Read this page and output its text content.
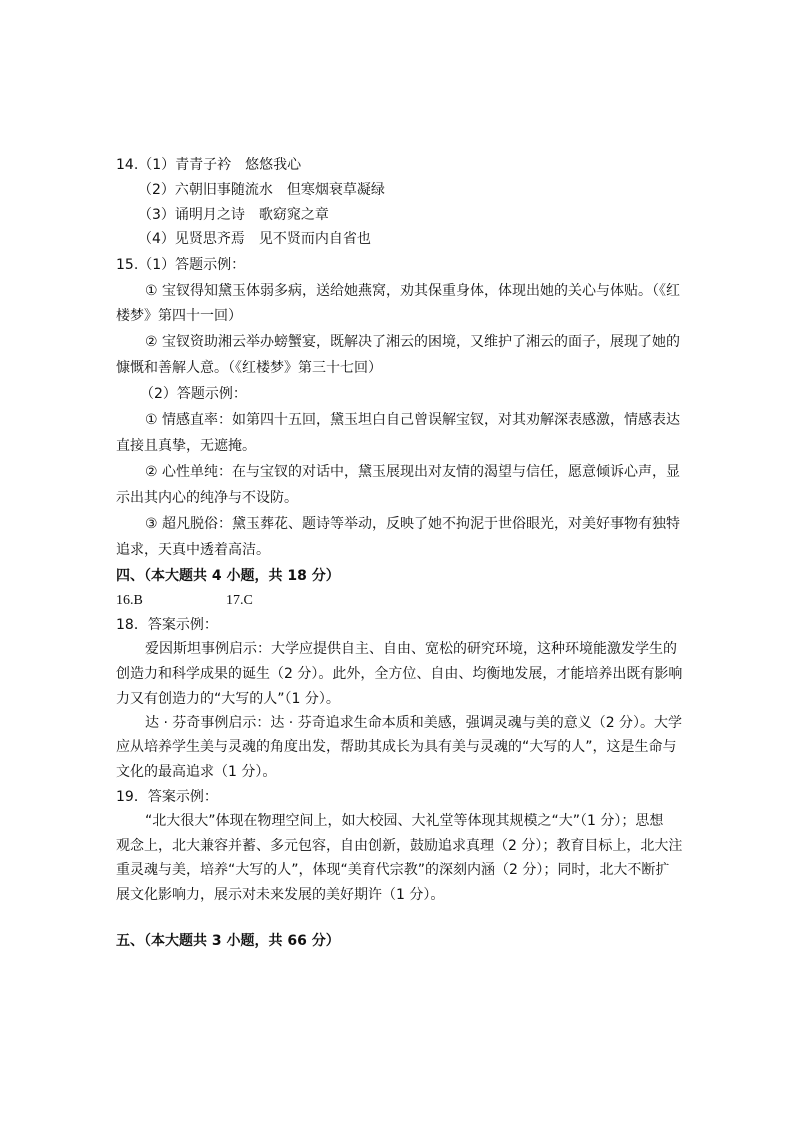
14.（1）青青子衿　悠悠我心
（2）六朝旧事随流水　但寒烟衰草凝绿
（3）诵明月之诗　歌窈窕之章
（4）见贤思齐焉　见不贤而内自省也
15.（1）答题示例：
① 宝钗得知黛玉体弱多病，送给她燕窝，劝其保重身体，体现出她的关心与体贴。（《红
楼梦》第四十一回）
② 宝钗资助湘云举办螃蟹宴，既解决了湘云的困境，又维护了湘云的面子，展现了她的
慷慨和善解人意。（《红楼梦》第三十七回）
（2）答题示例：
① 情感直率：如第四十五回，黛玉坦白自己曾误解宝钗，对其劝解深表感激，情感表达
直接且真挚，无遮掩。
② 心性单纯：在与宝钗的对话中，黛玉展现出对友情的渴望与信任，愿意倾诉心声，显
示出其内心的纯净与不设防。
③ 超凡脱俗：黛玉葬花、题诗等举动，反映了她不拘泥于世俗眼光，对美好事物有独特
追求，天真中透着高洁。
四、（本大题共 4 小题，共 18 分）
16.B	17.C
18．答案示例：
爱因斯坦事例启示：大学应提供自主、自由、宽松的研究环境，这种环境能激发学生的
创造力和科学成果的诞生（2 分）。此外，全方位、自由、均衡地发展，才能培养出既有影响
力又有创造力的“大写的人”（1 分）。
达 · 芬奇事例启示：达 · 芬奇追求生命本质和美感，强调灵魂与美的意义（2 分）。大学
应从培养学生美与灵魂的角度出发，帮助其成长为具有美与灵魂的“大写的人”，这是生命与
文化的最高追求（1 分）。
19．答案示例：
“北大很大”体现在物理空间上，如大校园、大礼堂等体现其规模之“大”（1 分）；思想
观念上，北大兼容并蓄、多元包容，自由创新，鼓励追求真理（2 分）；教育目标上，北大注
重灵魂与美，培养“大写的人”，体现“美育代宗教”的深刻内涵（2 分）；同时，北大不断扩
展文化影响力，展示对未来发展的美好期许（1 分）。
五、（本大题共 3 小题，共 66 分）
